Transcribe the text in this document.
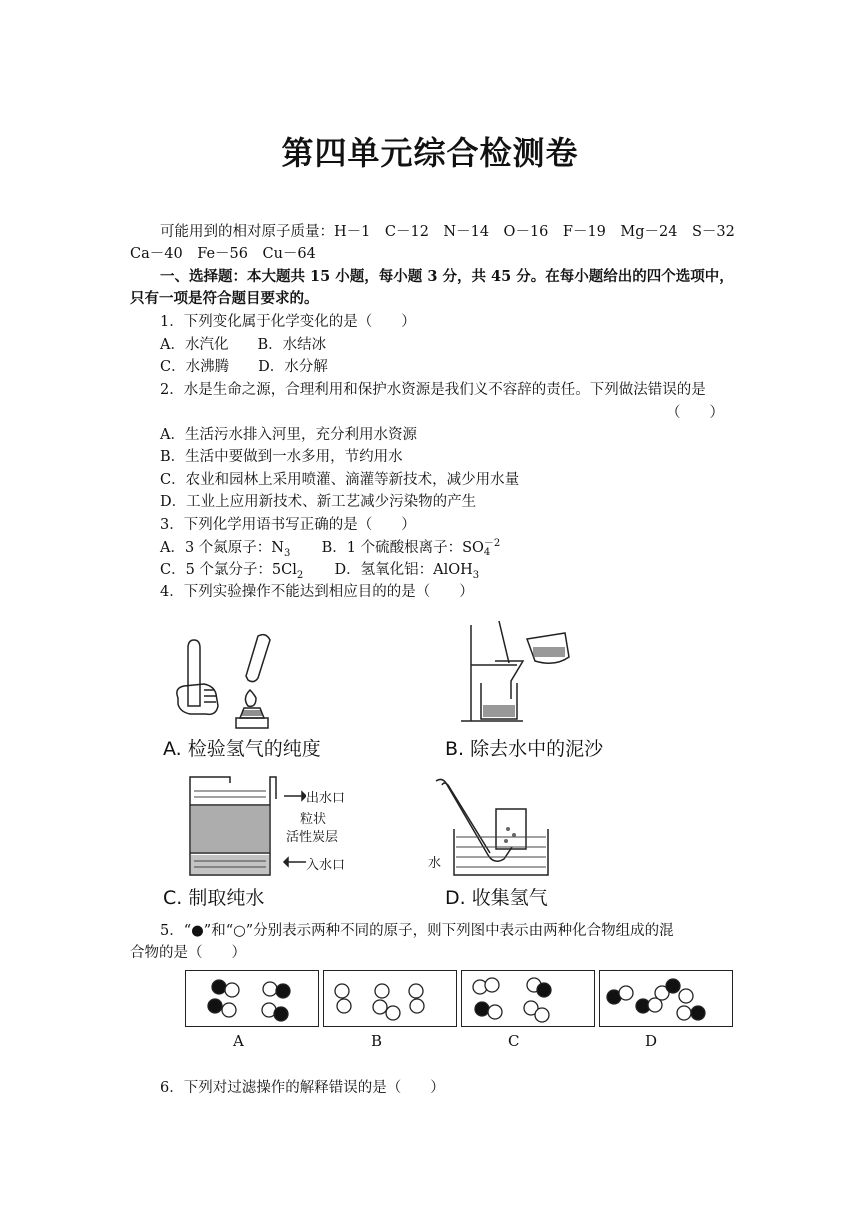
第四单元综合检测卷
可能用到的相对原子质量：H－1　C－12　N－14　O－16　F－19　Mg－24　S－32
Ca－40　Fe－56　Cu－64
一、选择题：本大题共 15 小题，每小题 3 分，共 45 分。在每小题给出的四个选项中，
只有一项是符合题目要求的。
1．下列变化属于化学变化的是（　　）
A．水汽化　　B．水结冰
C．水沸腾　　D．水分解
2．水是生命之源，合理利用和保护水资源是我们义不容辞的责任。下列做法错误的是
（　　）
A．生活污水排入河里，充分利用水资源
B．生活中要做到一水多用，节约用水
C．农业和园林上采用喷灌、滴灌等新技术，减少用水量
D．工业上应用新技术、新工艺减少污染物的产生
3．下列化学用语书写正确的是（　　）
A．3 个氮原子：$N_3$ B．1 个硫酸根离子：SO －2
4
C．5 个氯分子：$5Cl_2$ D．氢氧化铝：AlOH$_3$
4．下列实验操作不能达到相应目的的是（　　）
A. 检验氢气的纯度	B. 除去水中的泥沙
出水口
粒状
活性炭层
入水口
C. 制取纯水
水
D. 收集氢气
5．“●”和“○”分别表示两种不同的原子，则下列图中表示由两种化合物组成的混
合物的是（　　）
A	B	C	D
6．下列对过滤操作的解释错误的是（　　）
